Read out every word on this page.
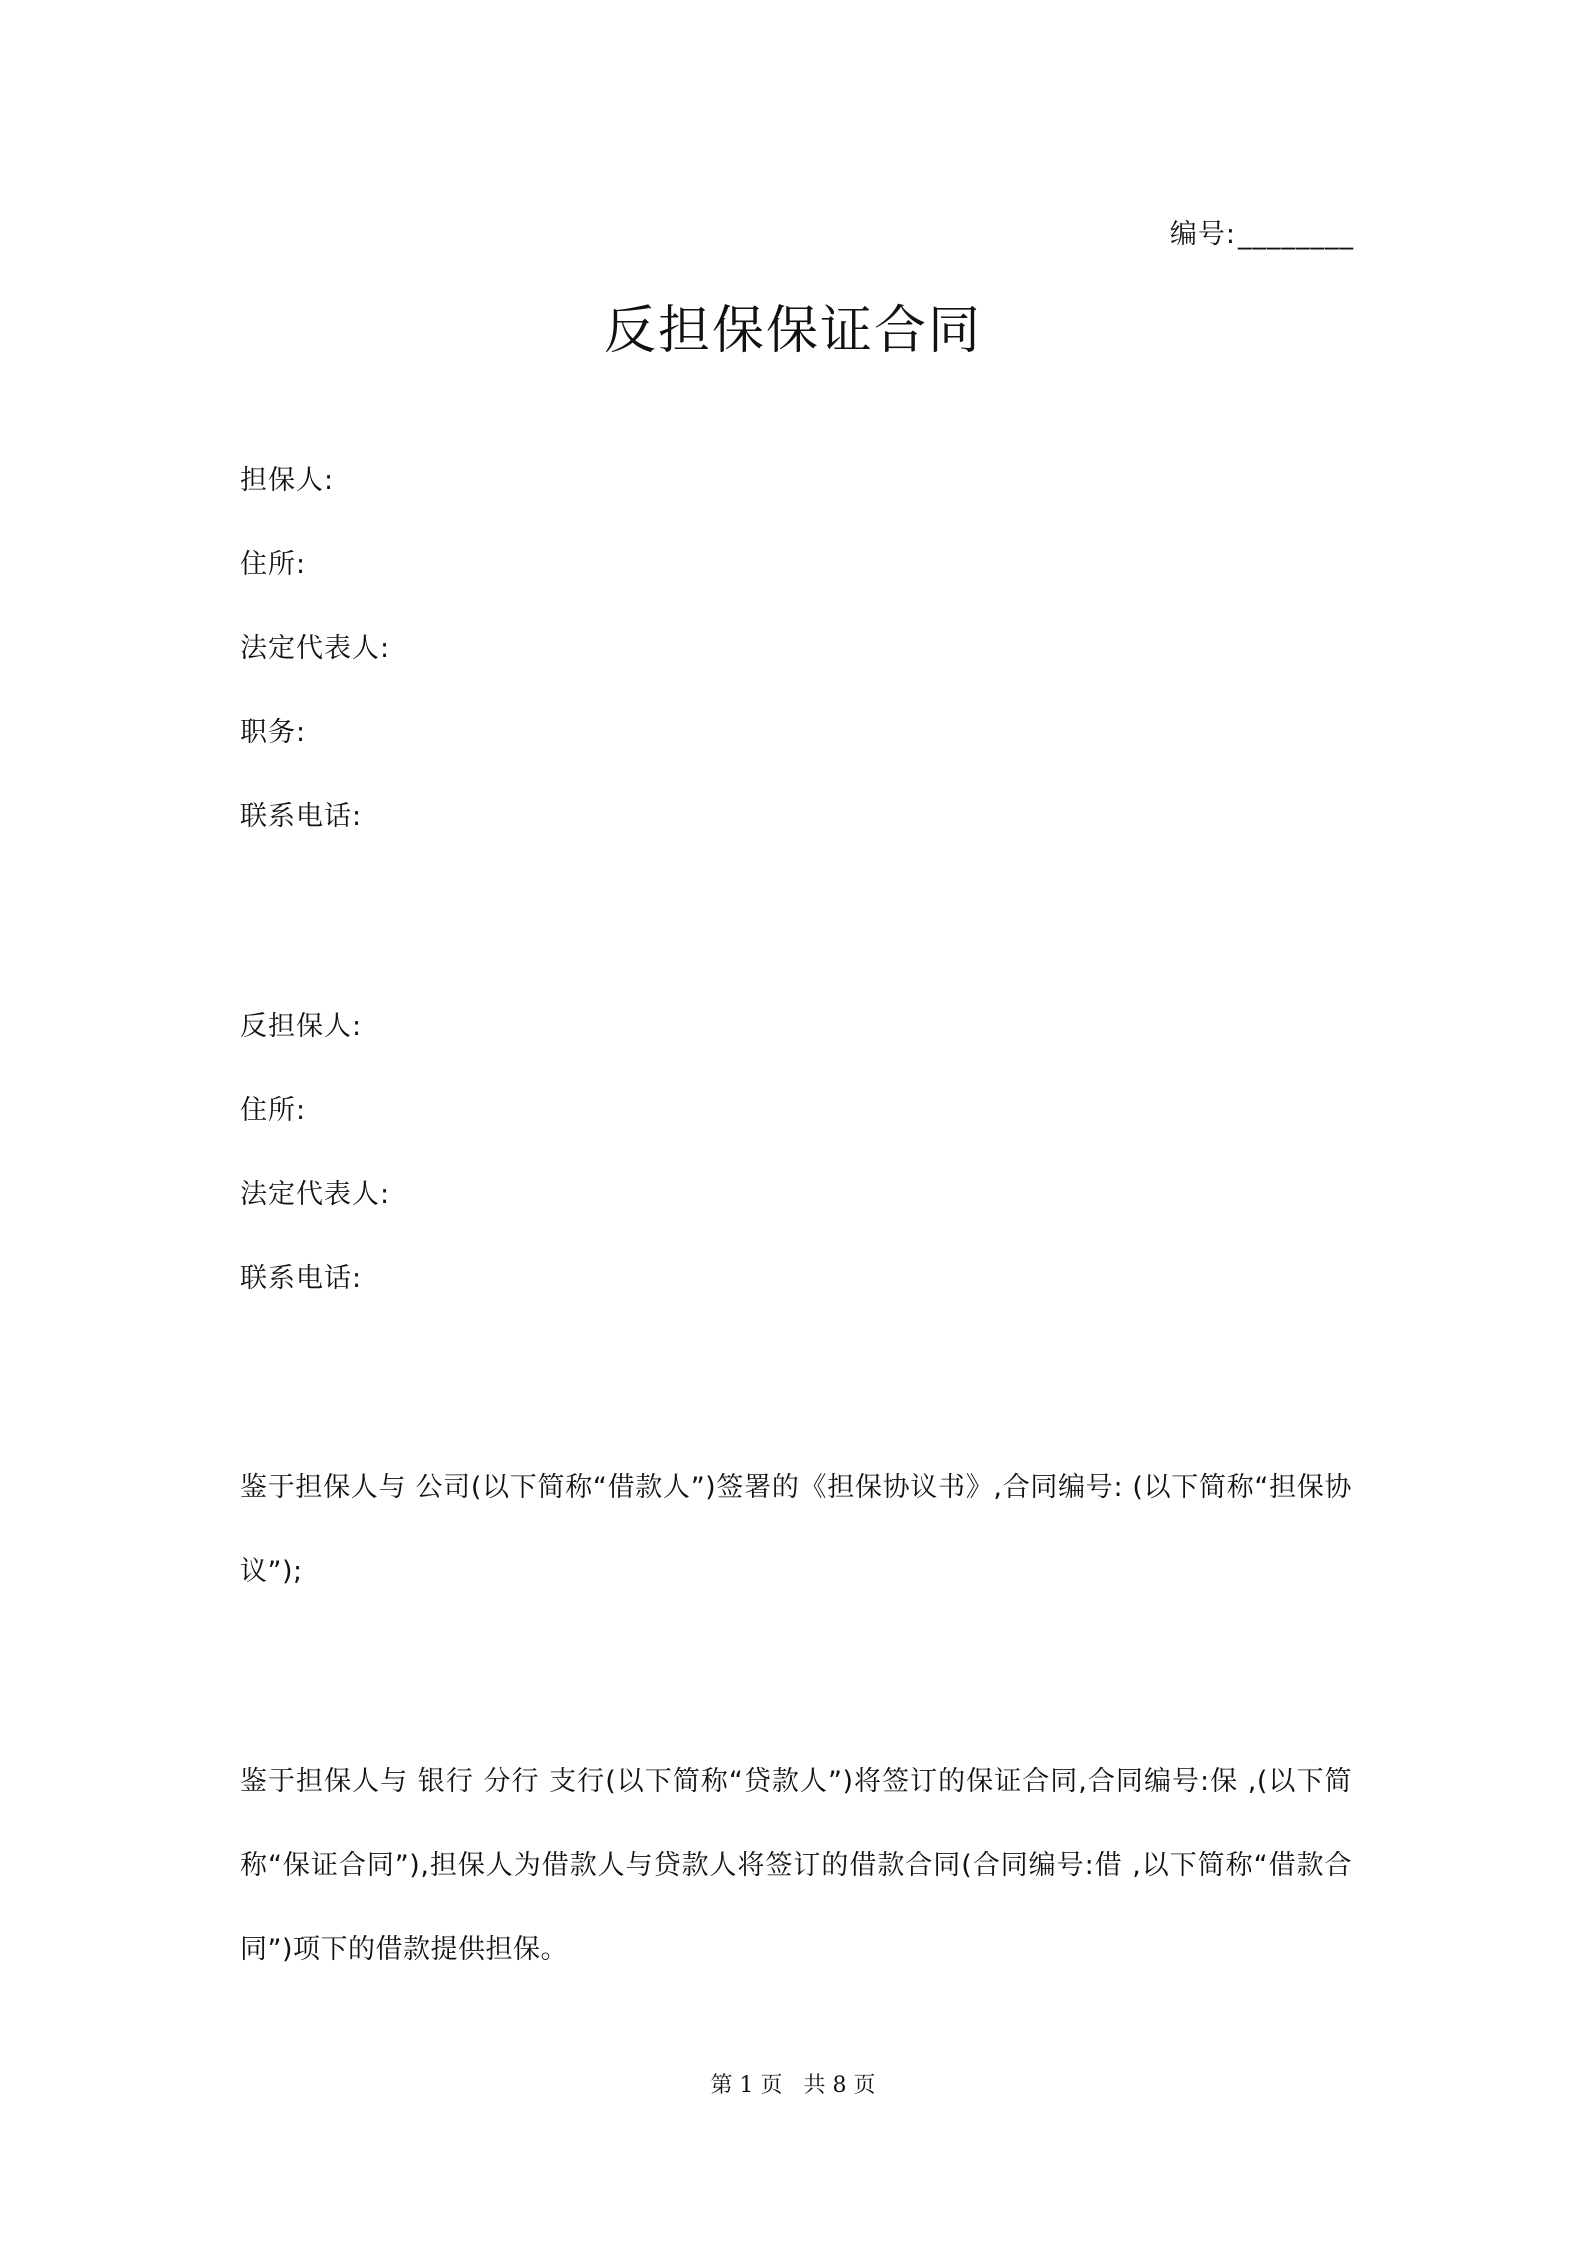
编号:________
反担保保证合同
担保人:
住所:
法定代表人:
职务:
联系电话:
反担保人:
住所:
法定代表人:
联系电话:
鉴于担保人与 公司(以下简称“借款人”)签署的《担保协议书》,合同编号: (以下简称“担保协议”);
鉴于担保人与 银行 分行 支行(以下简称“贷款人”)将签订的保证合同,合同编号:保 ,(以下简称“保证合同”),担保人为借款人与贷款人将签订的借款合同(合同编号:借 ,以下简称“借款合同”)项下的借款提供担保。
第 1 页   共 8 页
